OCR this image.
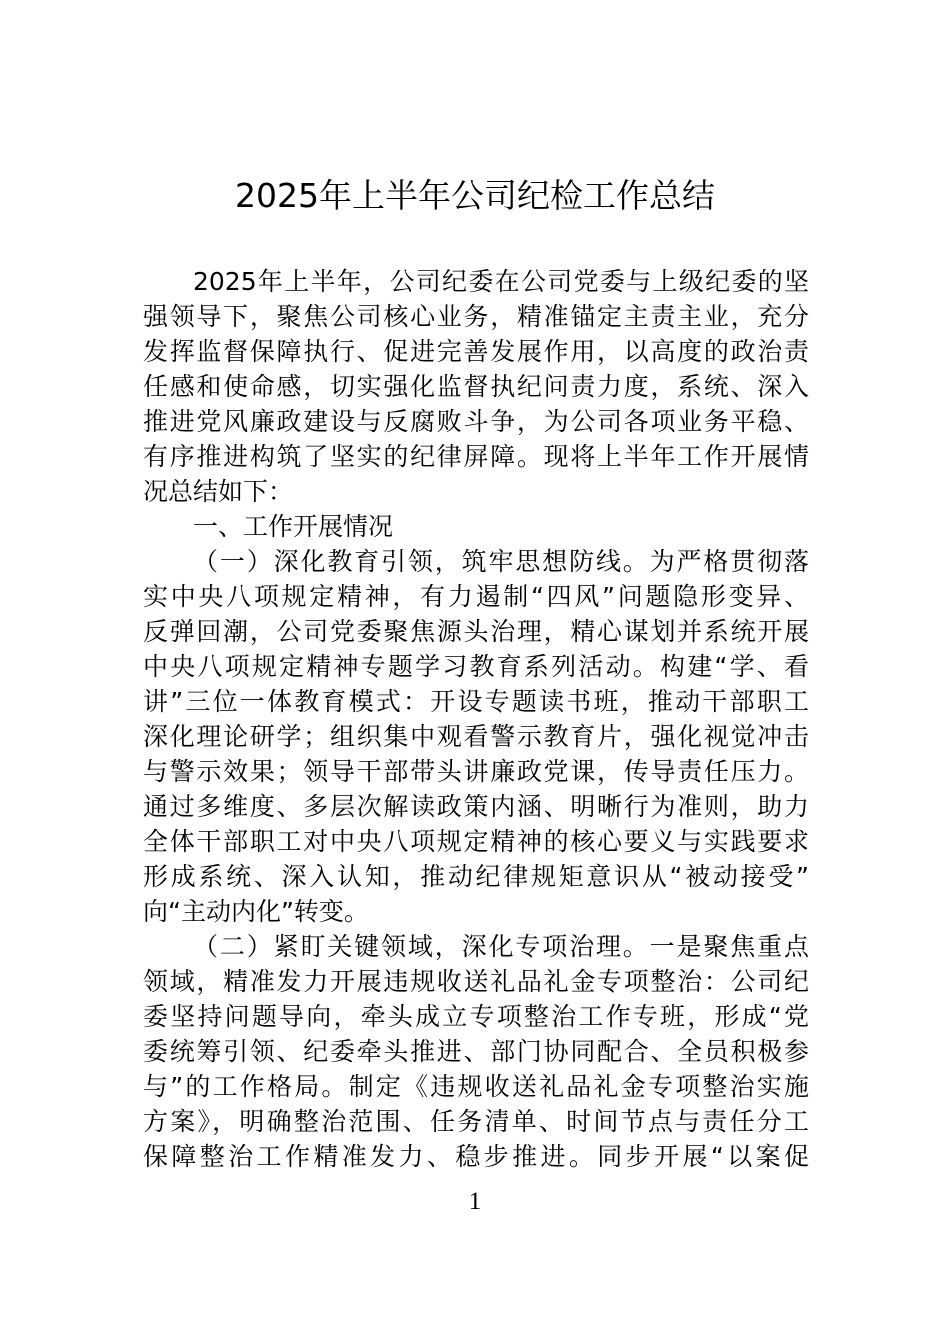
2025年上半年公司纪检工作总结
2025年上半年，公司纪委在公司党委与上级纪委的坚
强领导下，聚焦公司核心业务，精准锚定主责主业，充分
发挥监督保障执行、促进完善发展作用，以高度的政治责
任感和使命感，切实强化监督执纪问责力度，系统、深入
推进党风廉政建设与反腐败斗争，为公司各项业务平稳、
有序推进构筑了坚实的纪律屏障。现将上半年工作开展情
况总结如下：
一、工作开展情况
（一）深化教育引领，筑牢思想防线。为严格贯彻落
实中央八项规定精神，有力遏制“四风”问题隐形变异、
反弹回潮，公司党委聚焦源头治理，精心谋划并系统开展
中央八项规定精神专题学习教育系列活动。构建“学、看
讲”三位一体教育模式：开设专题读书班，推动干部职工
深化理论研学；组织集中观看警示教育片，强化视觉冲击
与警示效果；领导干部带头讲廉政党课，传导责任压力。
通过多维度、多层次解读政策内涵、明晰行为准则，助力
全体干部职工对中央八项规定精神的核心要义与实践要求
形成系统、深入认知，推动纪律规矩意识从“被动接受”
向“主动内化”转变。
（二）紧盯关键领域，深化专项治理。一是聚焦重点
领域，精准发力开展违规收送礼品礼金专项整治：公司纪
委坚持问题导向，牵头成立专项整治工作专班，形成“党
委统筹引领、纪委牵头推进、部门协同配合、全员积极参
与”的工作格局。制定《违规收送礼品礼金专项整治实施
方案》，明确整治范围、任务清单、时间节点与责任分工
保障整治工作精准发力、稳步推进。同步开展“以案促
1
